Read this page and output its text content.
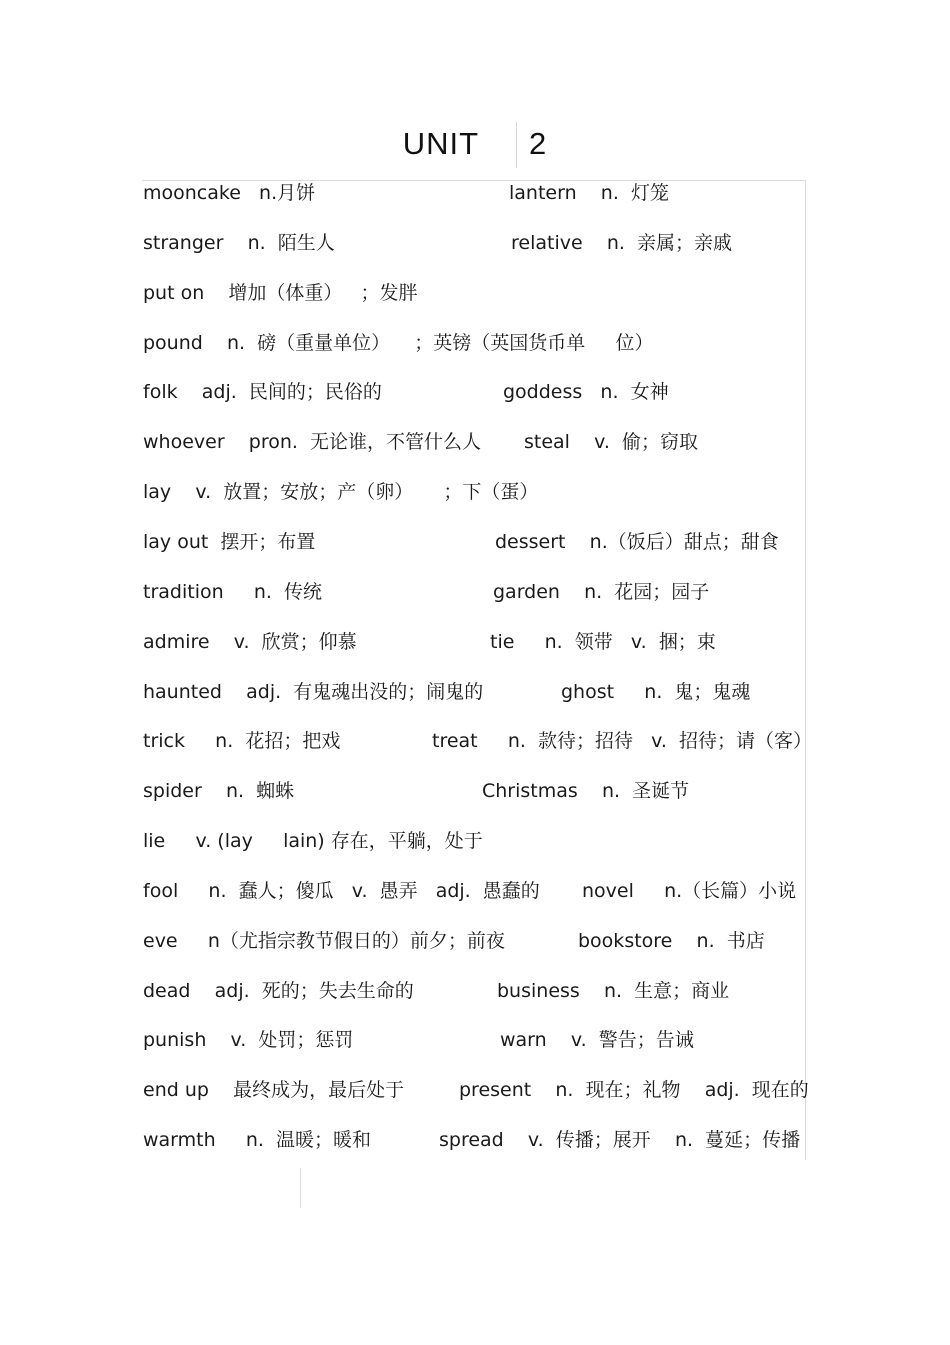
UNIT 2
mooncake   n.月饼	lantern    n.  灯笼
stranger    n.  陌生人	relative    n.  亲属；亲戚
put on    增加（体重）   ；发胖
pound    n.  磅（重量单位）    ；英镑（英国货币单     位）
folk    adj.  民间的；民俗的	goddess   n.  女神
whoever    pron.  无论谁，不管什么人 steal    v.  偷；窃取
lay    v.  放置；安放；产（卵）     ；下（蛋）
lay out  摆开；布置	dessert    n.（饭后）甜点；甜食
tradition     n.  传统	garden    n.  花园；园子
admire    v.  欣赏；仰慕	tie     n.  领带   v.  捆；束
haunted    adj.  有鬼魂出没的；闹鬼的	ghost     n.  鬼；鬼魂
trick     n.  花招；把戏	treat     n.  款待；招待   v.  招待；请（客）
spider    n.  蜘蛛	Christmas    n.  圣诞节
lie     v. (lay     lain) 存在，平躺，处于
fool     n.  蠢人；傻瓜   v.  愚弄   adj.  愚蠢的 novel     n.（长篇）小说
eve     n（尤指宗教节假日的）前夕；前夜	bookstore    n.  书店
dead    adj.  死的；失去生命的	business    n.  生意；商业
punish    v.  处罚；惩罚	warn    v.  警告；告诫
end up    最终成为，最后处于	present    n.  现在；礼物    adj.  现在的
warmth     n.  温暖；暖和	spread    v.  传播；展开    n.  蔓延；传播
